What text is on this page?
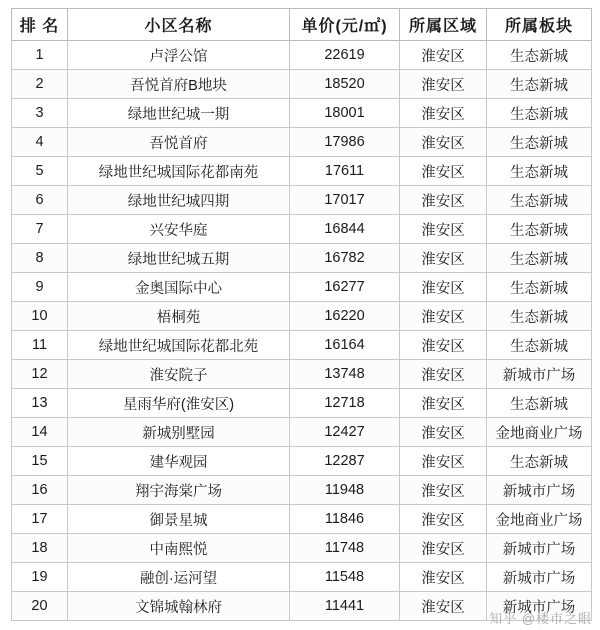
排 名	小区名称	单价(元/㎡)	所属区域	所属板块
1	卢浮公馆	22619	淮安区	生态新城
2	吾悦首府B地块	18520	淮安区	生态新城
3	绿地世纪城一期	18001	淮安区	生态新城
4	吾悦首府	17986	淮安区	生态新城
5	绿地世纪城国际花都南苑	17611	淮安区	生态新城
6	绿地世纪城四期	17017	淮安区	生态新城
7	兴安华庭	16844	淮安区	生态新城
8	绿地世纪城五期	16782	淮安区	生态新城
9	金奥国际中心	16277	淮安区	生态新城
10	梧桐苑	16220	淮安区	生态新城
11	绿地世纪城国际花都北苑	16164	淮安区	生态新城
12	淮安院子	13748	淮安区	新城市广场
13	星雨华府(淮安区)	12718	淮安区	生态新城
14	新城别墅园	12427	淮安区	金地商业广场
15	建华观园	12287	淮安区	生态新城
16	翔宇海棠广场	11948	淮安区	新城市广场
17	御景星城	11846	淮安区	金地商业广场
18	中南熙悦	11748	淮安区	新城市广场
19	融创·运河望	11548	淮安区	新城市广场
20	文锦城翰林府	11441	淮安区	新城市广场
知乎 @楼市之眼
